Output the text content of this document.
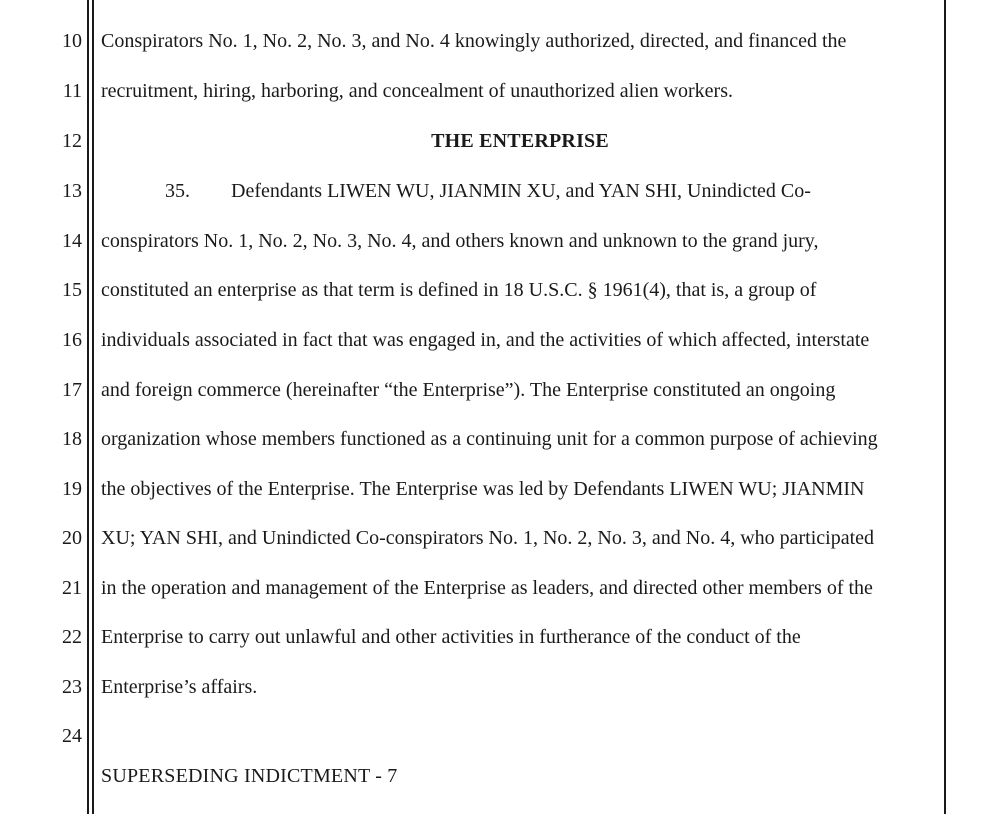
10
11
12
13
14
15
16
17
18
19
20
21
22
23
24
Conspirators No. 1, No. 2, No. 3, and No. 4 knowingly authorized, directed, and financed the
recruitment, hiring, harboring, and concealment of unauthorized alien workers.
THE ENTERPRISE
35. Defendants LIWEN WU, JIANMIN XU, and YAN SHI, Unindicted Co-
conspirators No. 1, No. 2, No. 3, No. 4, and others known and unknown to the grand jury,
constituted an enterprise as that term is defined in 18 U.S.C. § 1961(4), that is, a group of
individuals associated in fact that was engaged in, and the activities of which affected, interstate
and foreign commerce (hereinafter “the Enterprise”). The Enterprise constituted an ongoing
organization whose members functioned as a continuing unit for a common purpose of achieving
the objectives of the Enterprise. The Enterprise was led by Defendants LIWEN WU; JIANMIN
XU; YAN SHI, and Unindicted Co-conspirators No. 1, No. 2, No. 3, and No. 4, who participated
in the operation and management of the Enterprise as leaders, and directed other members of the
Enterprise to carry out unlawful and other activities in furtherance of the conduct of the
Enterprise’s affairs.
SUPERSEDING INDICTMENT - 7
